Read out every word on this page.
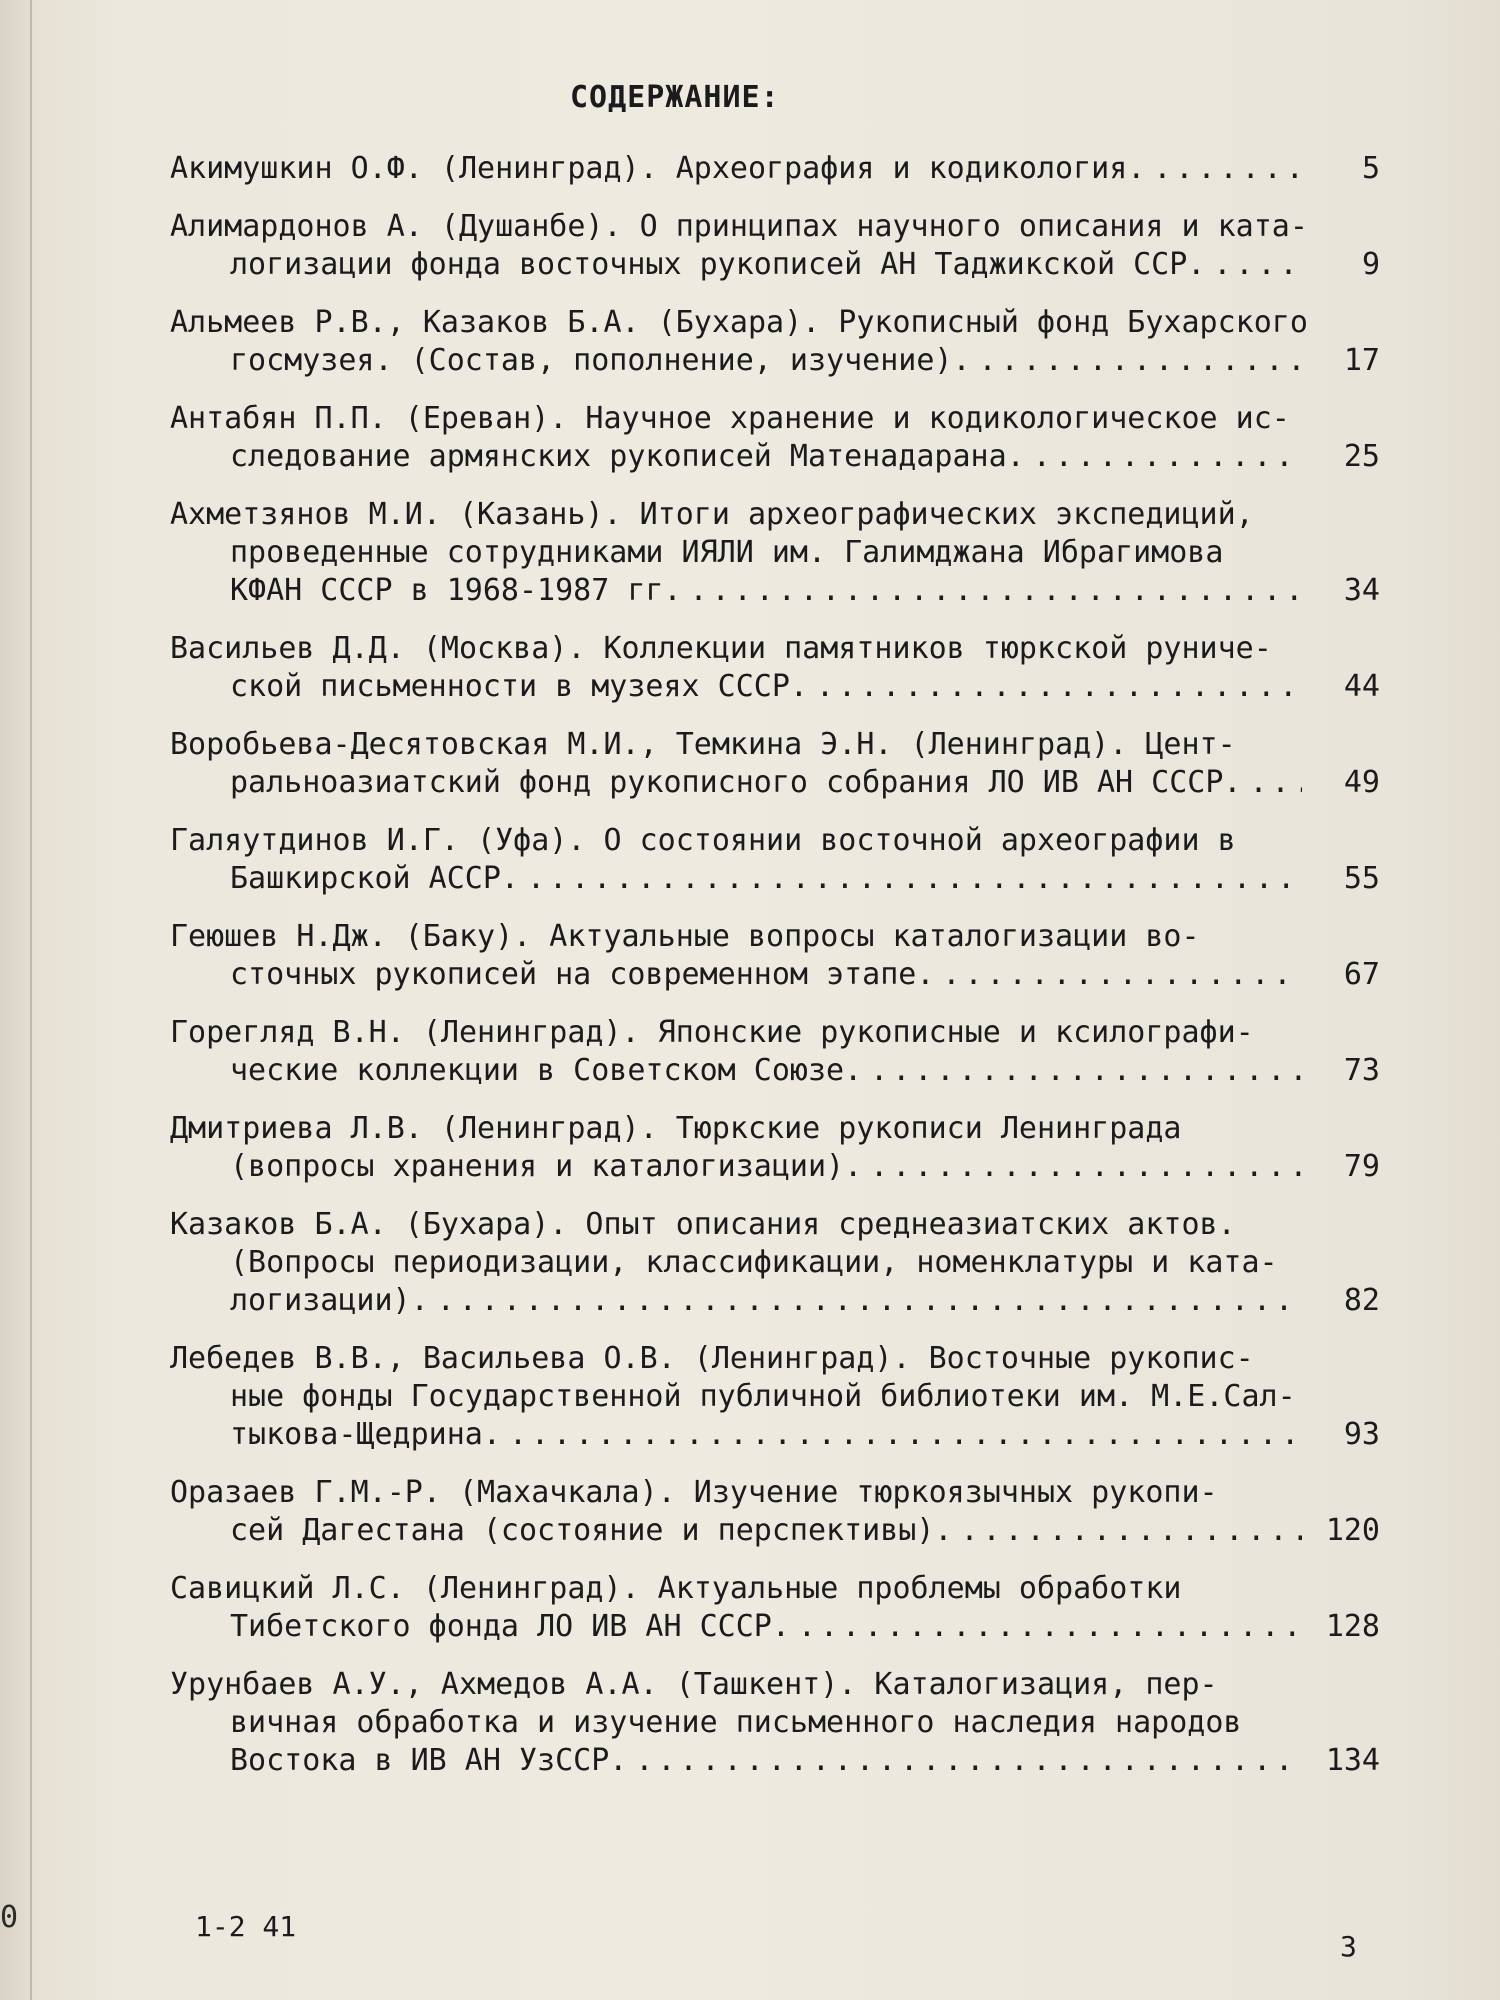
0
СОДЕРЖАНИЕ:
Акимушкин О.Ф. (Ленинград). Археография и кодикология. .....	5
Алимардонов А. (Душанбе). О принципах научного описания и ката-
логизации фонда восточных рукописей АН Таджикской ССР. .....	9
Альмеев Р.В., Казаков Б.А. (Бухара). Рукописный фонд Бухарского
госмузея. (Состав, пополнение, изучение). .....	17
Антабян П.П. (Ереван). Научное хранение и кодикологическое ис-
следование армянских рукописей Матенадарана. .....	25
Ахметзянов М.И. (Казань). Итоги археографических экспедиций,
проведенные сотрудниками ИЯЛИ им. Галимджана Ибрагимова
КФАН СССР в 1968-1987 гг. .....	34
Васильев Д.Д. (Москва). Коллекции памятников тюркской руниче-
ской письменности в музеях СССР. .....	44
Воробьева-Десятовская М.И., Темкина Э.Н. (Ленинград). Цент-
ральноазиатский фонд рукописного собрания ЛО ИВ АН СССР. .....	49
Галяутдинов И.Г. (Уфа). О состоянии восточной археографии в
Башкирской АССР. .....	55
Геюшев Н.Дж. (Баку). Актуальные вопросы каталогизации во-
сточных рукописей на современном этапе. .....	67
Горегляд В.Н. (Ленинград). Японские рукописные и ксилографи-
ческие коллекции в Советском Союзе. .....	73
Дмитриева Л.В. (Ленинград). Тюркские рукописи Ленинграда
(вопросы хранения и каталогизации). .....	79
Казаков Б.А. (Бухара). Опыт описания среднеазиатских актов.
(Вопросы периодизации, классификации, номенклатуры и ката-
логизации). .....	82
Лебедев В.В., Васильева О.В. (Ленинград). Восточные рукопис-
ные фонды Государственной публичной библиотеки им. М.Е.Сал-
тыкова-Щедрина. .....	93
Оразаев Г.М.-Р. (Махачкала). Изучение тюркоязычных рукопи-
сей Дагестана (состояние и перспективы). .....	120
Савицкий Л.С. (Ленинград). Актуальные проблемы обработки
Тибетского фонда ЛО ИВ АН СССР. .....	128
Урунбаев А.У., Ахмедов А.А. (Ташкент). Каталогизация, пер-
вичная обработка и изучение письменного наследия народов
Востока в ИВ АН УзССР. .....	134
1-2 41
3
